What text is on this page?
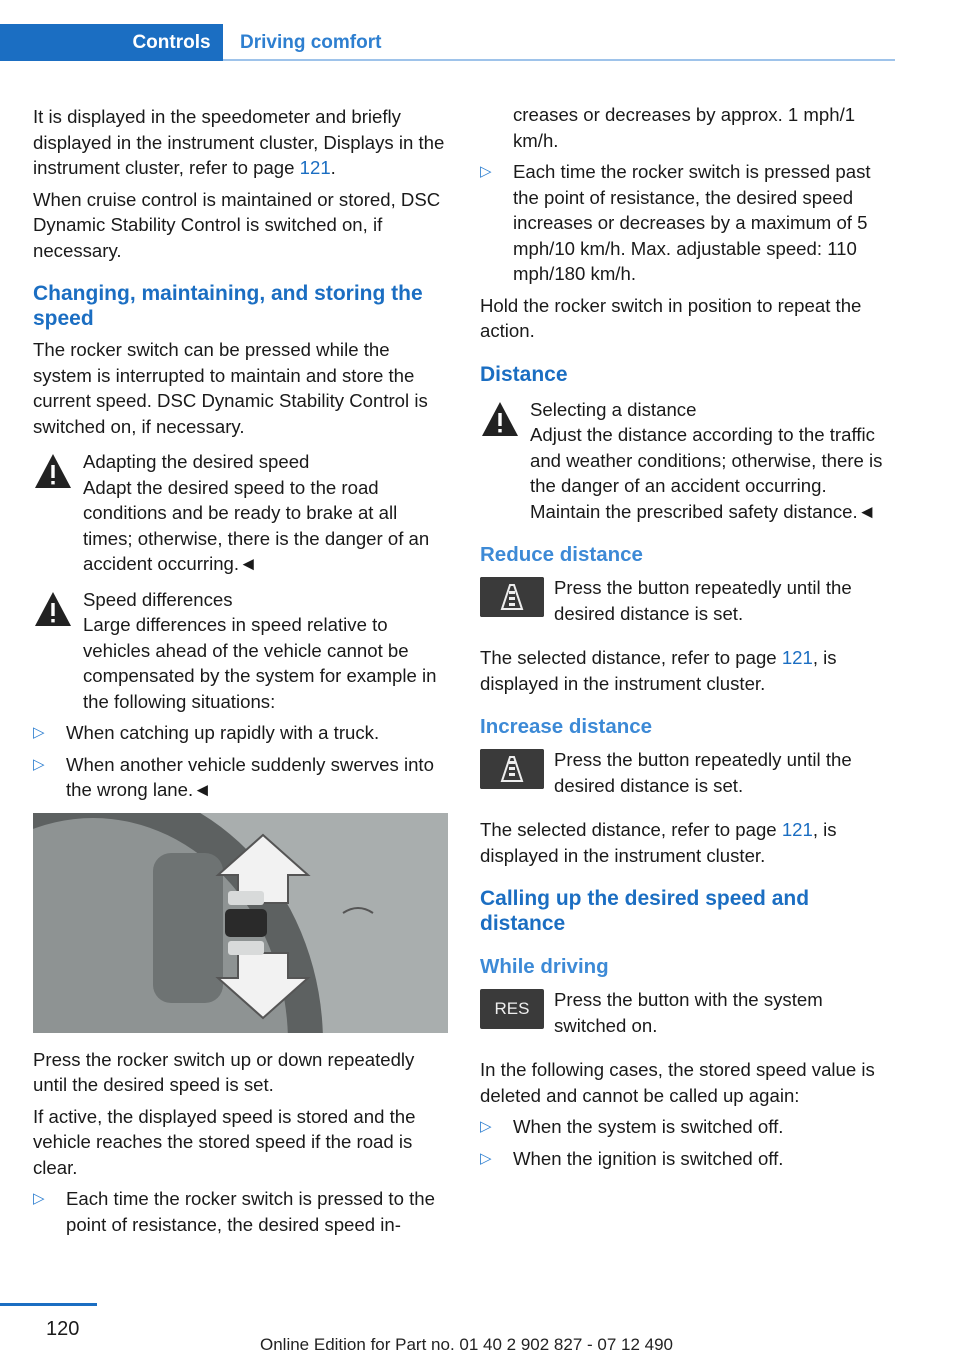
Controls	Driving comfort

It is displayed in the speedometer and briefly displayed in the instrument cluster, Displays in the instrument cluster, refer to page 121.

When cruise control is maintained or stored, DSC Dynamic Stability Control is switched on, if necessary.

Changing, maintaining, and storing the speed

The rocker switch can be pressed while the system is interrupted to maintain and store the current speed. DSC Dynamic Stability Control is switched on, if necessary.

Adapting the desired speed
Adapt the desired speed to the road conditions and be ready to brake at all times; otherwise, there is the danger of an accident occurring.◄
Speed differences
Large differences in speed relative to vehicles ahead of the vehicle cannot be compensated by the system for example in the following situations:
▷ When catching up rapidly with a truck.
▷ When another vehicle suddenly swerves into the wrong lane.◄

Press the rocker switch up or down repeatedly until the desired speed is set.

If active, the displayed speed is stored and the vehicle reaches the stored speed if the road is clear.

▷ Each time the rocker switch is pressed to the point of resistance, the desired speed in-

creases or decreases by approx. 1 mph/1 km/h.

▷ Each time the rocker switch is pressed past the point of resistance, the desired speed increases or decreases by a maximum of 5 mph/10 km/h. Max. adjustable speed: 110 mph/180 km/h.

Hold the rocker switch in position to repeat the action.

Distance
Selecting a distance
Adjust the distance according to the traffic and weather conditions; otherwise, there is the danger of an accident occurring. Maintain the prescribed safety distance.◄
Reduce distance
Press the button repeatedly until the desired distance is set.

The selected distance, refer to page 121, is displayed in the instrument cluster.

Increase distance
Press the button repeatedly until the desired distance is set.

The selected distance, refer to page 121, is displayed in the instrument cluster.

Calling up the desired speed and distance
While driving
RES	Press the button with the system switched on.

In the following cases, the stored speed value is deleted and cannot be called up again:

▷ When the system is switched off.
▷ When the ignition is switched off.
120
Online Edition for Part no. 01 40 2 902 827 - 07 12 490
